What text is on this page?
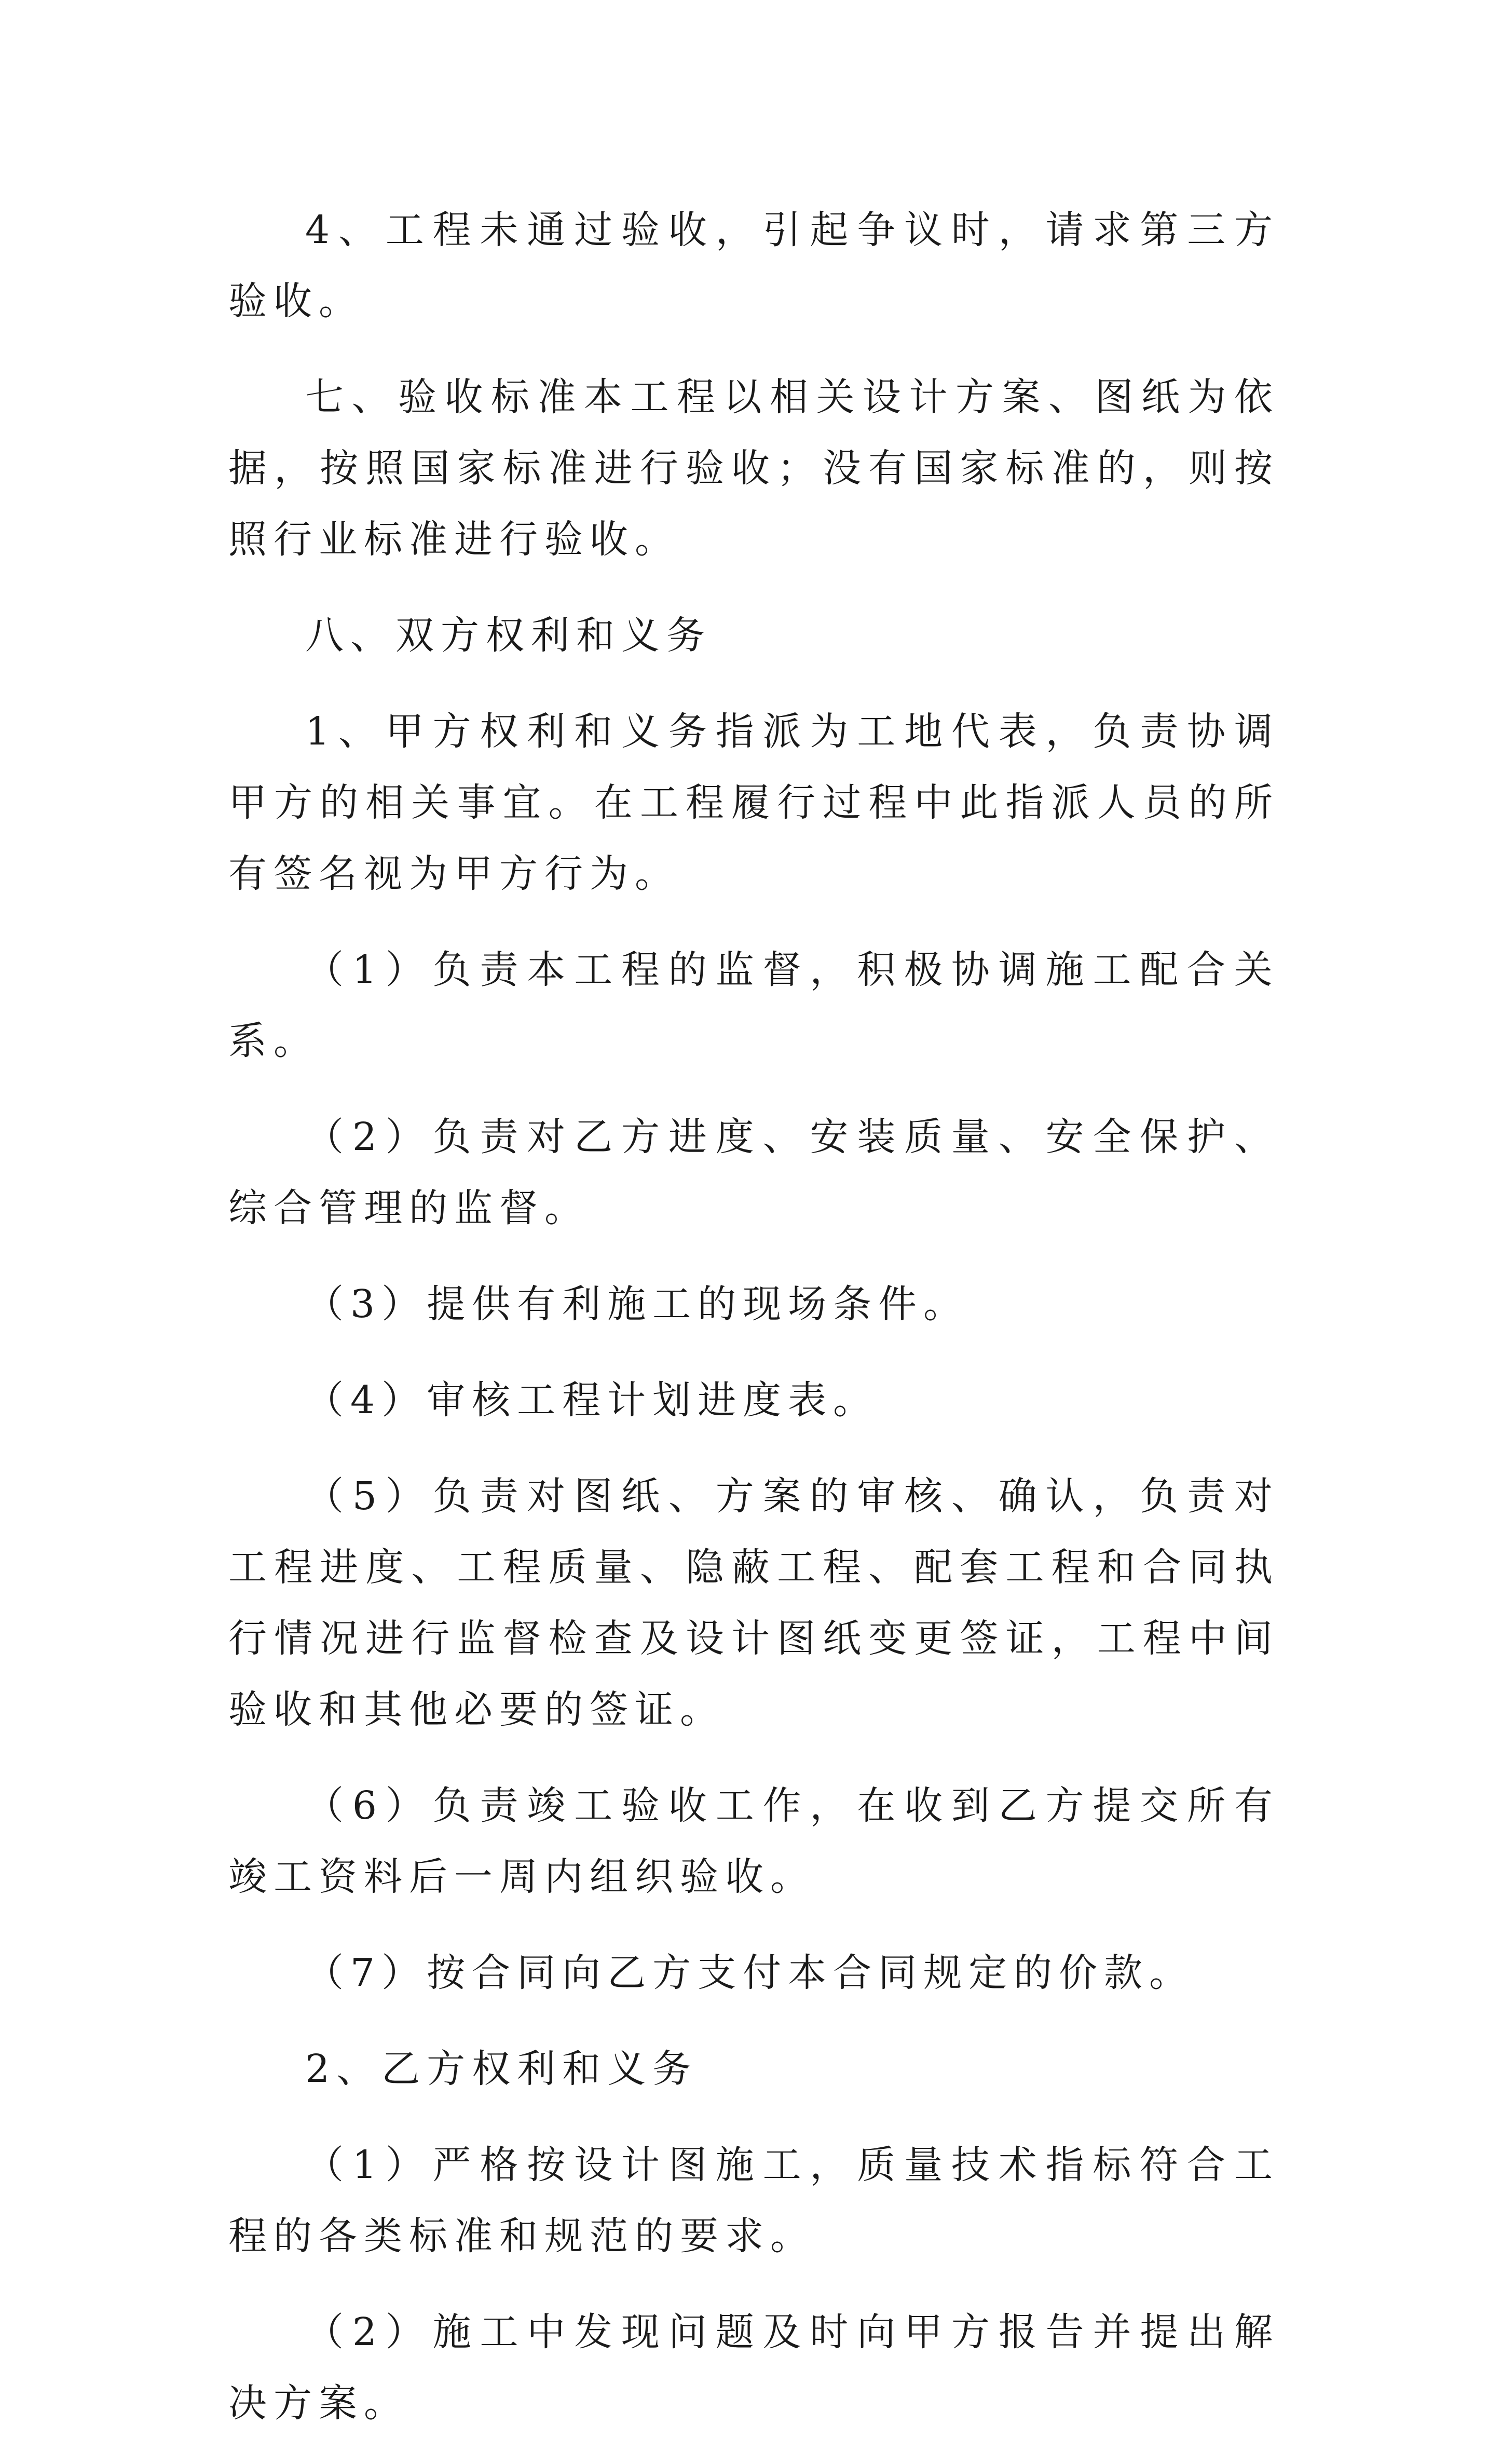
4、工程未通过验收，引起争议时，请求第三方验收。

七、验收标准本工程以相关设计方案、图纸为依据，按照国家标准进行验收；没有国家标准的，则按照行业标准进行验收。

八、双方权利和义务

1、甲方权利和义务指派为工地代表，负责协调甲方的相关事宜。在工程履行过程中此指派人员的所有签名视为甲方行为。

（1）负责本工程的监督，积极协调施工配合关系。

（2）负责对乙方进度、安装质量、安全保护、综合管理的监督。

（3）提供有利施工的现场条件。

（4）审核工程计划进度表。

（5）负责对图纸、方案的审核、确认，负责对工程进度、工程质量、隐蔽工程、配套工程和合同执行情况进行监督检查及设计图纸变更签证，工程中间验收和其他必要的签证。

（6）负责竣工验收工作，在收到乙方提交所有竣工资料后一周内组织验收。

（7）按合同向乙方支付本合同规定的价款。

2、乙方权利和义务

（1）严格按设计图施工，质量技术指标符合工程的各类标准和规范的要求。

（2）施工中发现问题及时向甲方报告并提出解决方案。
